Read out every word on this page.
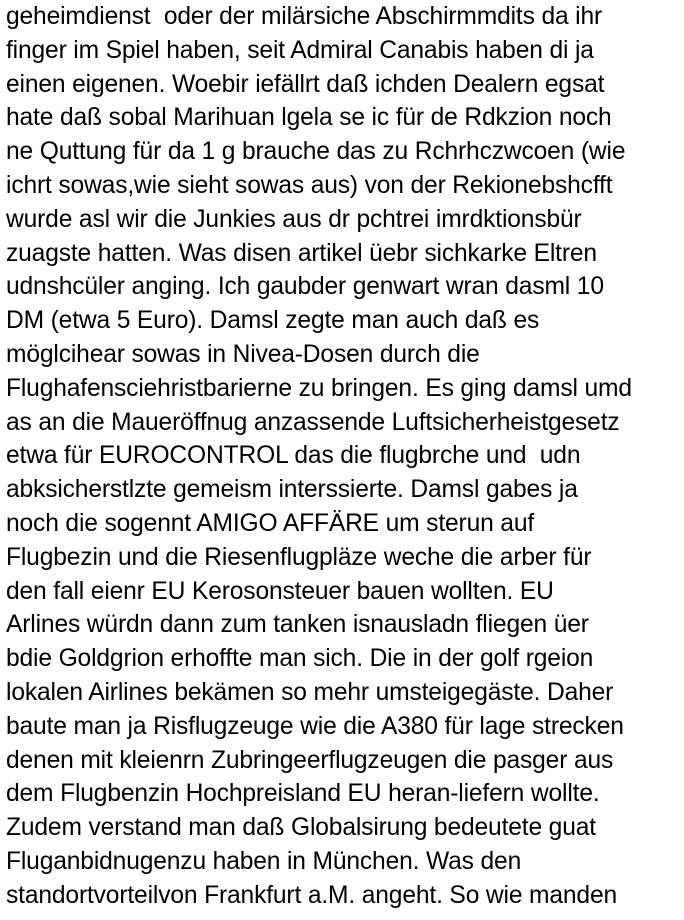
geheimdienst  oder der milärsiche Abschirmmdits da ihr
finger im Spiel haben, seit Admiral Canabis haben di ja
einen eigenen. Woebir iefällrt daß ichden Dealern egsat
hate daß sobal Marihuan lgela se ic für de Rdkzion noch
ne Quttung für da 1 g brauche das zu Rchrhczwcoen (wie
ichrt sowas,wie sieht sowas aus) von der Rekionebshcfft
wurde asl wir die Junkies aus dr pchtrei imrdktionsbür
zuagste hatten. Was disen artikel üebr sichkarke Eltren
udnshcüler anging. Ich gaubder genwart wran dasml 10
DM (etwa 5 Euro). Damsl zegte man auch daß es
möglcihear sowas in Nivea-Dosen durch die
Flughafensciehristbarierne zu bringen. Es ging damsl umd
as an die Maueröffnug anzassende Luftsicherheistgesetz
etwa für EUROCONTROL das die flugbrche und  udn
abksicherstlzte gemeism interssierte. Damsl gabes ja
noch die sogennt AMIGO AFFÄRE um sterun auf
Flugbezin und die Riesenflugpläze weche die arber für
den fall eienr EU Kerosonsteuer bauen wollten. EU
Arlines würdn dann zum tanken isnausladn fliegen üer
bdie Goldgrion erhoffte man sich. Die in der golf rgeion
lokalen Airlines bekämen so mehr umsteigegäste. Daher
baute man ja Risflugzeuge wie die A380 für lage strecken
denen mit kleienrn Zubringeerflugzeugen die pasger aus
dem Flugbenzin Hochpreisland EU heran-liefern wollte.
Zudem verstand man daß Globalsirung bedeutete guat
Fluganbidnugenzu haben in München. Was den
standortvorteilvon Frankfurt a.M. angeht. So wie manden
